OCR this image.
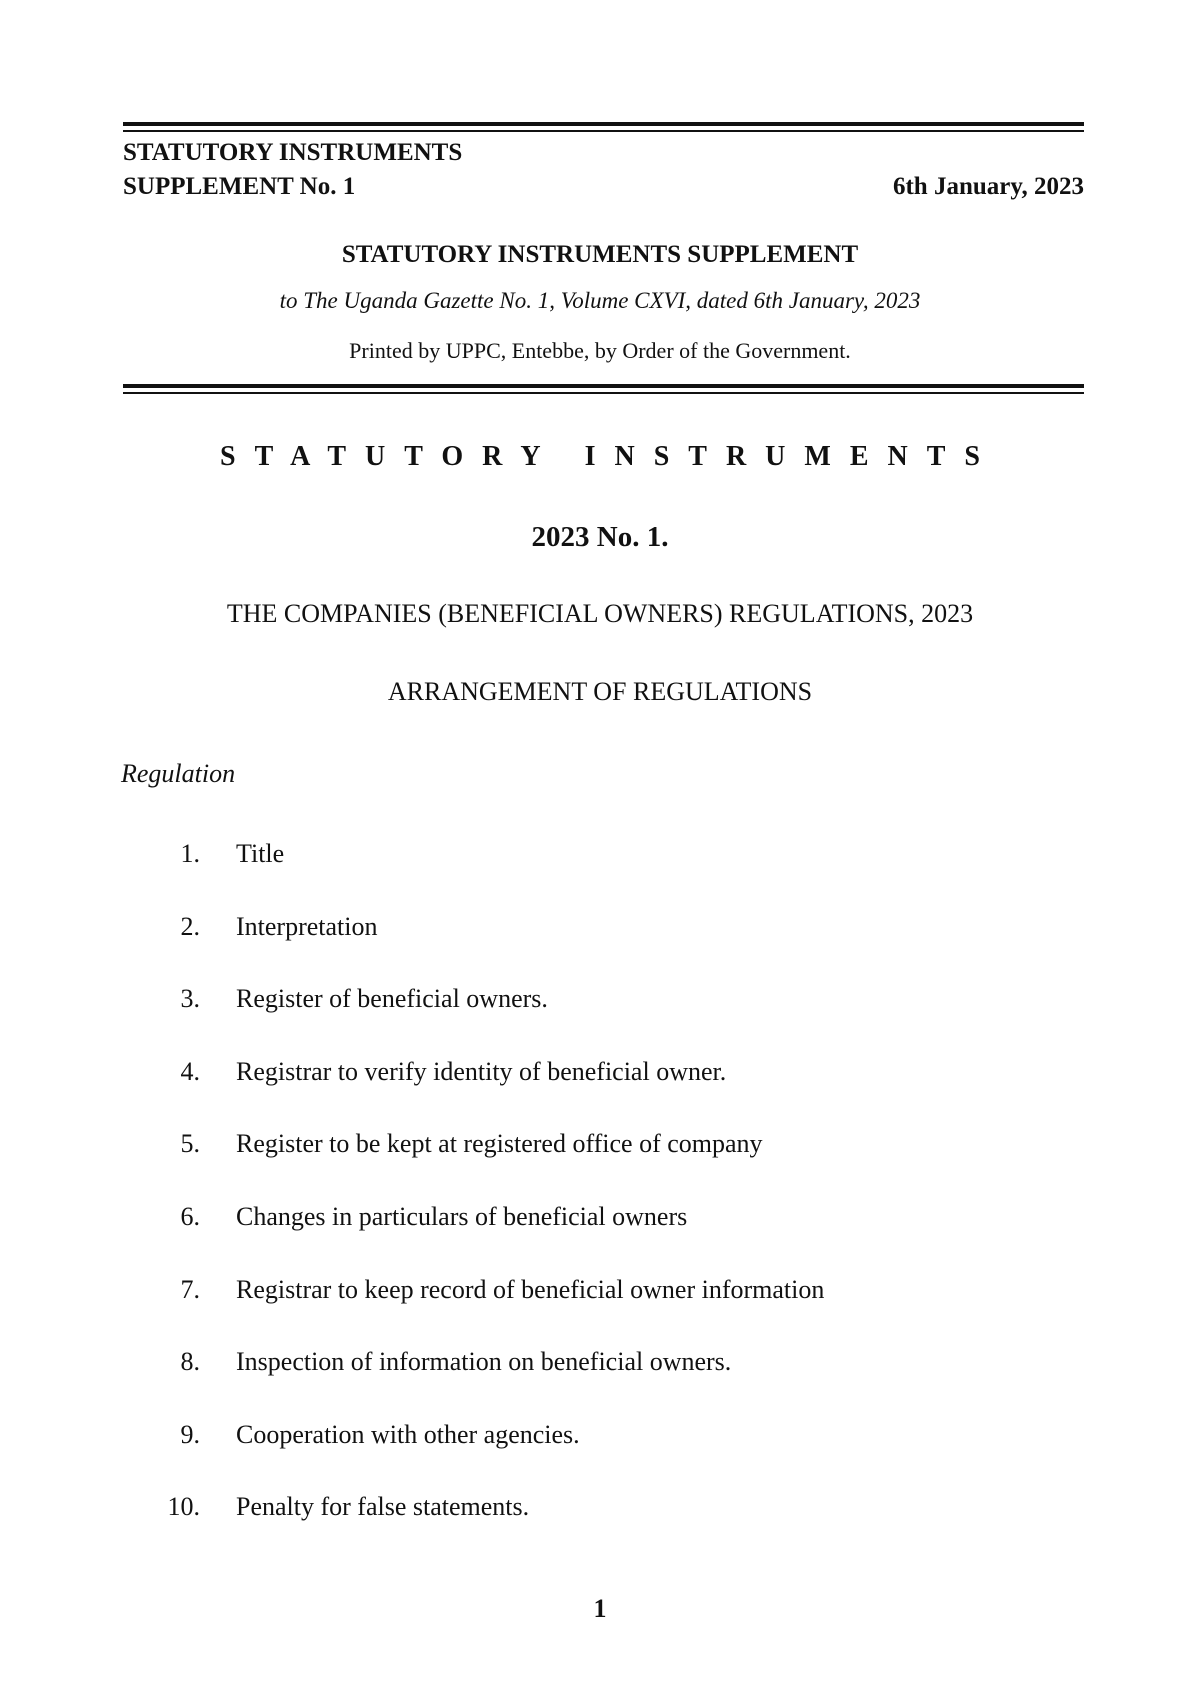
STATUTORY INSTRUMENTS
SUPPLEMENT No. 1	6th January, 2023
STATUTORY INSTRUMENTS SUPPLEMENT
to The Uganda Gazette No. 1, Volume CXVI, dated 6th January, 2023
Printed by UPPC, Entebbe, by Order of the Government.
STATUTORY INSTRUMENTS
2023 No. 1.
THE COMPANIES (BENEFICIAL OWNERS) REGULATIONS, 2023
ARRANGEMENT OF REGULATIONS
Regulation
1. Title
2. Interpretation
3. Register of beneficial owners.
4. Registrar to verify identity of beneficial owner.
5. Register to be kept at registered office of company
6. Changes in particulars of beneficial owners
7. Registrar to keep record of beneficial owner information
8. Inspection of information on beneficial owners.
9. Cooperation with other agencies.
10. Penalty for false statements.
1
